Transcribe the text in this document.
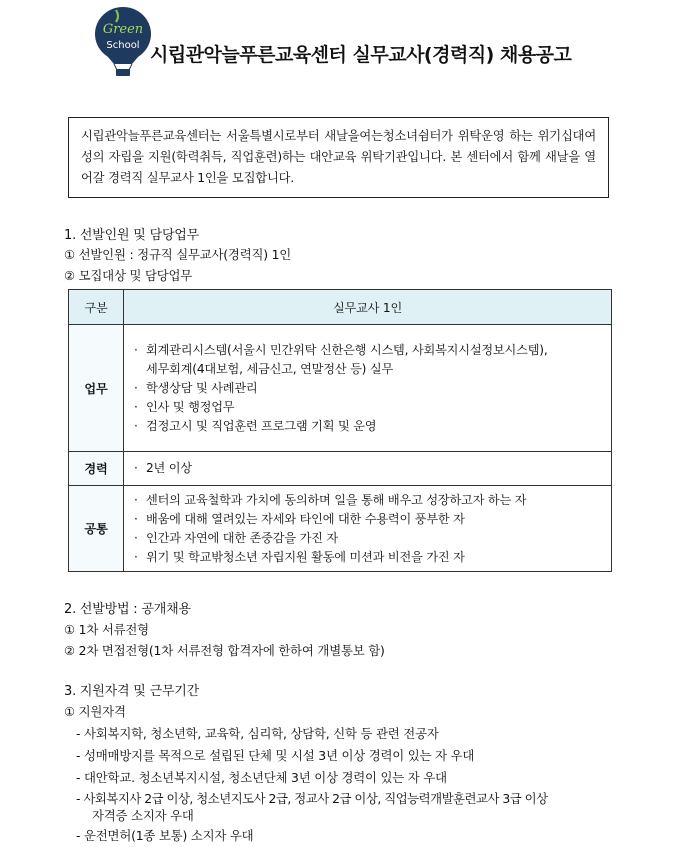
Green
School 시립관악늘푸른교육센터 실무교사(경력직) 채용공고
시립관악늘푸른교육센터는 서울특별시로부터 새날을여는청소녀쉼터가 위탁운영 하는 위기십대여성의 자립을 지원(학력취득, 직업훈련)하는 대안교육 위탁기관입니다. 본 센터에서 함께 새날을 열어갈 경력직 실무교사 1인을 모집합니다.
1. 선발인원 및 담당업무
① 선발인원 : 정규직 실무교사(경력직) 1인
② 모집대상 및 담당업무
구분	실무교사 1인
업무	· 회계관리시스템(서울시 민간위탁 신한은행 시스템, 사회복지시설정보시스템),
세무회계(4대보험, 세금신고, 연말정산 등) 실무
· 학생상담 및 사례관리
· 인사 및 행정업무
· 검정고시 및 직업훈련 프로그램 기획 및 운영

경력	· 2년 이상

공통	· 센터의 교육철학과 가치에 동의하며 일을 통해 배우고 성장하고자 하는 자
· 배움에 대해 열려있는 자세와 타인에 대한 수용력이 풍부한 자
· 인간과 자연에 대한 존중감을 가진 자
· 위기 및 학교밖청소년 자립지원 활동에 미션과 비전을 가진 자
2. 선발방법 : 공개채용
① 1차 서류전형
② 2차 면접전형(1차 서류전형 합격자에 한하여 개별통보 함)
3. 지원자격 및 근무기간
① 지원자격
- 사회복지학, 청소년학, 교육학, 심리학, 상담학, 신학 등 관련 전공자
- 성매매방지를 목적으로 설립된 단체 및 시설 3년 이상 경력이 있는 자 우대
- 대안학교. 청소년복지시설, 청소년단체 3년 이상 경력이 있는 자 우대
- 사회복지사 2급 이상, 청소년지도사 2급, 정교사 2급 이상, 직업능력개발훈련교사 3급 이상
자격증 소지자 우대
- 운전면허(1종 보통) 소지자 우대
